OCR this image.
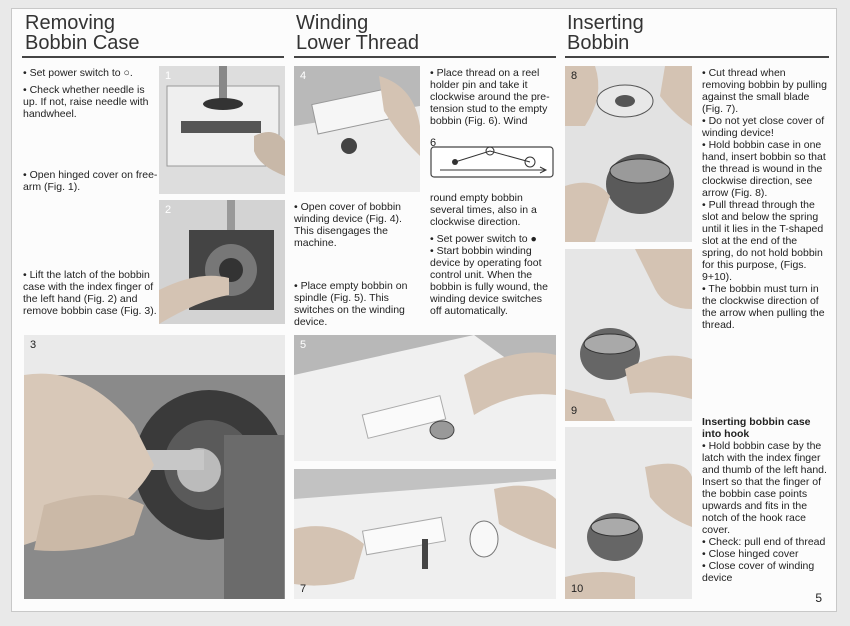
Removing
Bobbin Case
Winding
Lower Thread
Inserting
Bobbin

• Set power switch to ○.

• Check whether needle is up. If not, raise needle with handwheel.

• Open hinged cover on free-arm (Fig. 1).

• Lift the latch of the bobbin case with the index finger of the left hand (Fig. 2) and remove bobbin case (Fig. 3).

1
2
3
4	• Place thread on a reel holder pin and take it clockwise around the pre-tension stud to the empty bobbin (Fig. 6). Wind

6

round empty bobbin several times, also in a clockwise direction.

• Set power switch to ●

• Start bobbin winding device by operating foot control unit. When the bobbin is fully wound, the winding device switches off automatically.

• Open cover of bobbin winding device (Fig. 4). This disengages the machine.

• Place empty bobbin on spindle (Fig. 5). This switches on the winding device.

5
7
8
9
10

• Cut thread when removing bobbin by pulling against the small blade (Fig. 7).

• Do not yet close cover of winding device!

• Hold bobbin case in one hand, insert bobbin so that the thread is wound in the clockwise direction, see arrow (Fig. 8).

• Pull thread through the slot and below the spring until it lies in the T-shaped slot at the end of the spring, do not hold bobbin for this purpose, (Figs. 9+10).

• The bobbin must turn in the clockwise direction of the arrow when pulling the thread.

Inserting bobbin case into hook

• Hold bobbin case by the latch with the index finger and thumb of the left hand. Insert so that the finger of the bobbin case points upwards and fits in the notch of the hook race cover.

• Check: pull end of thread

• Close hinged cover

• Close cover of winding device

5
